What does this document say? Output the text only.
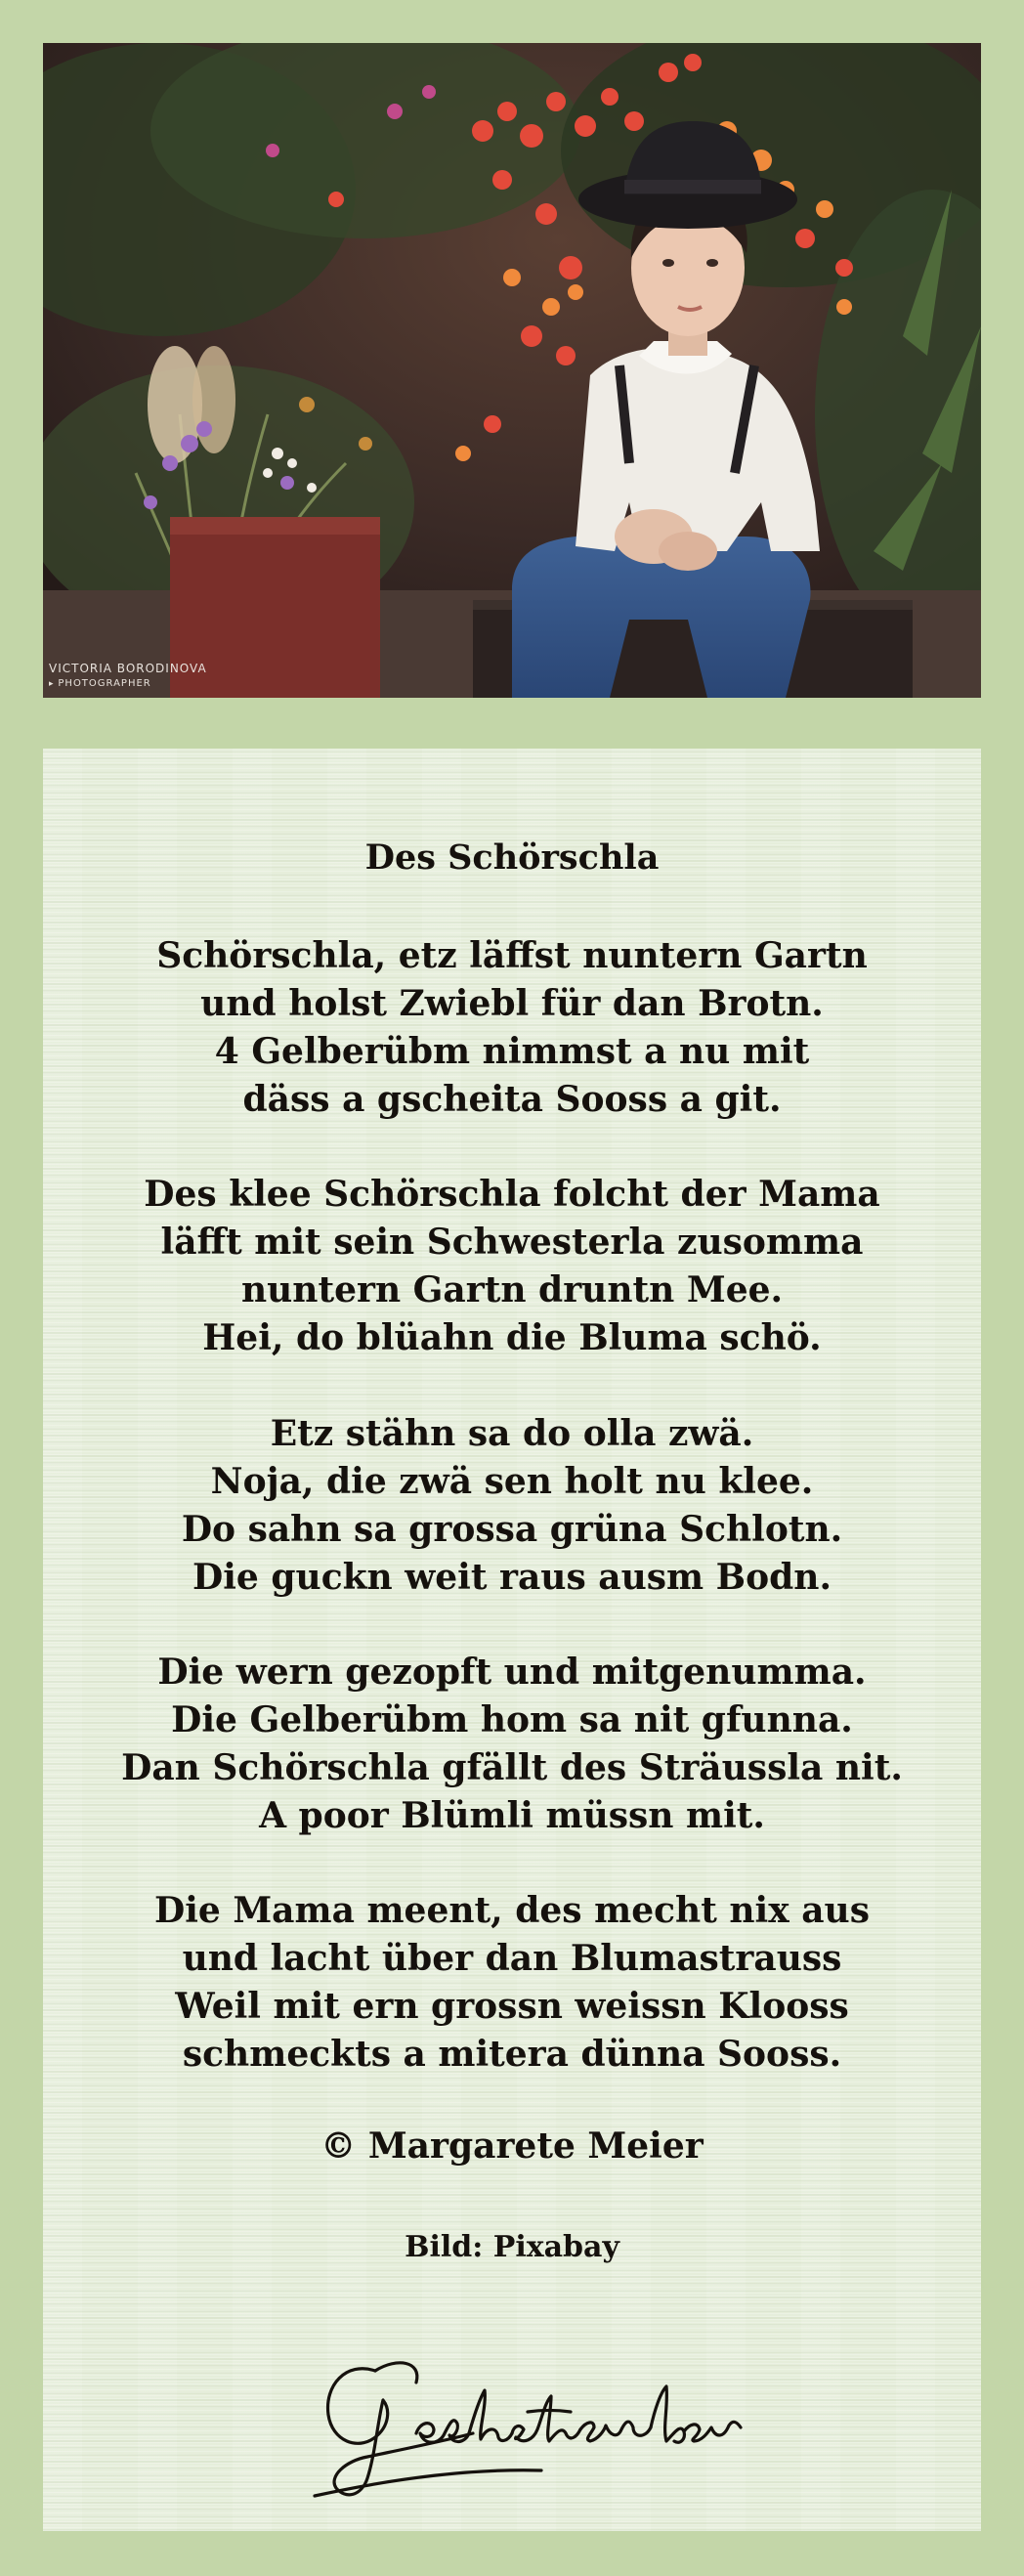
VICTORIA BORODINOVA
▸ PHOTOGRAPHER
Des Schörschla
Schörschla, etz läffst nuntern Gartn
und holst Zwiebl für dan Brotn.
4 Gelberübm nimmst a nu mit
däss a gscheita Sooss a git.
Des klee Schörschla folcht der Mama
läfft mit sein Schwesterla zusomma
nuntern Gartn druntn Mee.
Hei, do blüahn die Bluma schö.
Etz stähn sa do olla zwä.
Noja, die zwä sen holt nu klee.
Do sahn sa grossa grüna Schlotn.
Die guckn weit raus ausm Bodn.
Die wern gezopft und mitgenumma.
Die Gelberübm hom sa nit gfunna.
Dan Schörschla gfällt des Sträussla nit.
A poor Blümli müssn mit.
Die Mama meent, des mecht nix aus
und lacht über dan Blumastrauss
Weil mit ern grossn weissn Klooss
schmeckts a mitera dünna Sooss.
© Margarete Meier
Bild: Pixabay
